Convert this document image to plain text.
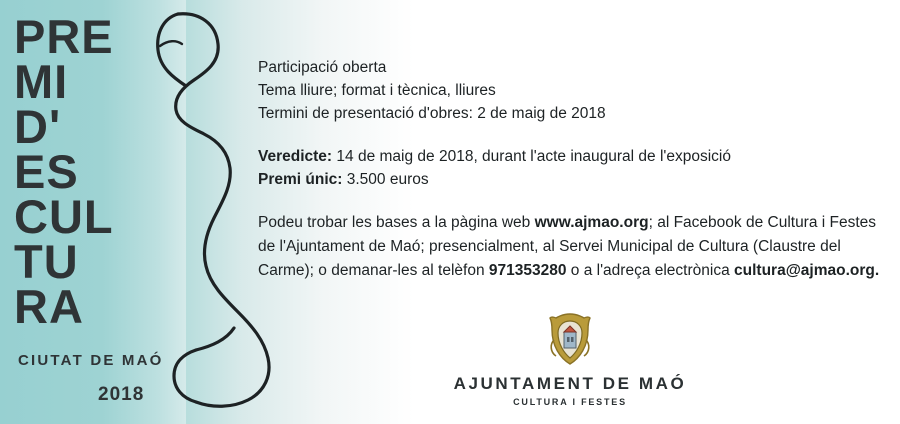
PRE
MI
D'
ES
CUL
TU
RA
CIUTAT DE MAÓ
2018
Participació oberta
Tema lliure; format i tècnica, lliures
Termini de presentació d'obres: 2 de maig de 2018
Veredicte: 14 de maig de 2018, durant l'acte inaugural de l'exposició
Premi únic: 3.500 euros
Podeu trobar les bases a la pàgina web www.ajmao.org; al Facebook de Cultura i Festes de l'Ajuntament de Maó; presencialment, al Servei Municipal de Cultura (Claustre del Carme); o demanar-les al telèfon 971353280 o a l'adreça electrònica cultura@ajmao.org.
AJUNTAMENT DE MAÓ
CULTURA I FESTES
